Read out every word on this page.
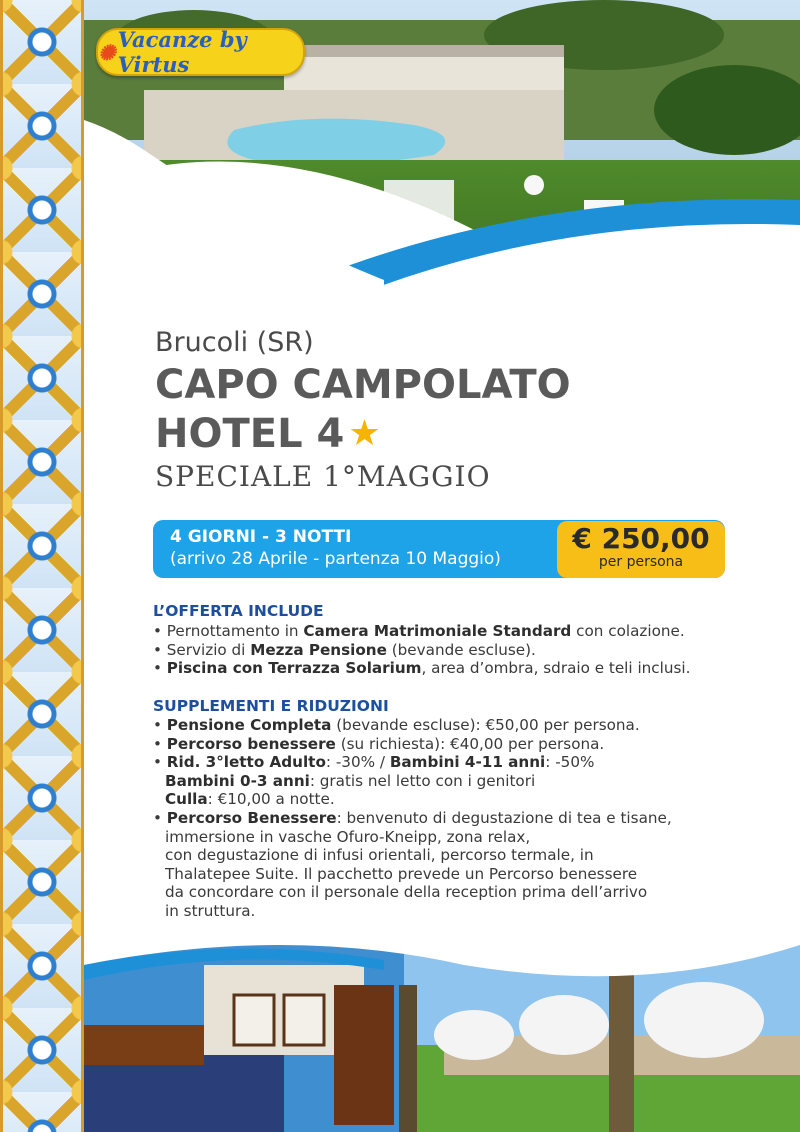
✺ Vacanze by Virtus
Brucoli (SR)
CAPO CAMPOLATO
HOTEL 4 ★
SPECIALE 1°MAGGIO
4 GIORNI - 3 NOTTI
(arrivo 28 Aprile - partenza 10 Maggio)
€ 250,00
per persona
L’OFFERTA INCLUDE
• Pernottamento in Camera Matrimoniale Standard con colazione.
• Servizio di Mezza Pensione (bevande escluse).
• Piscina con Terrazza Solarium, area d’ombra, sdraio e teli inclusi.
SUPPLEMENTI E RIDUZIONI
• Pensione Completa (bevande escluse): €50,00 per persona.
• Percorso benessere (su richiesta): €40,00 per persona.
• Rid. 3°letto Adulto: -30% / Bambini 4-11 anni: -50%
Bambini 0-3 anni: gratis nel letto con i genitori
Culla: €10,00 a notte.
• Percorso Benessere: benvenuto di degustazione di tea e tisane,
immersione in vasche Ofuro-Kneipp, zona relax,
con degustazione di infusi orientali, percorso termale, in
Thalatepee Suite. Il pacchetto prevede un Percorso benessere
da concordare con il personale della reception prima dell’arrivo
in struttura.
